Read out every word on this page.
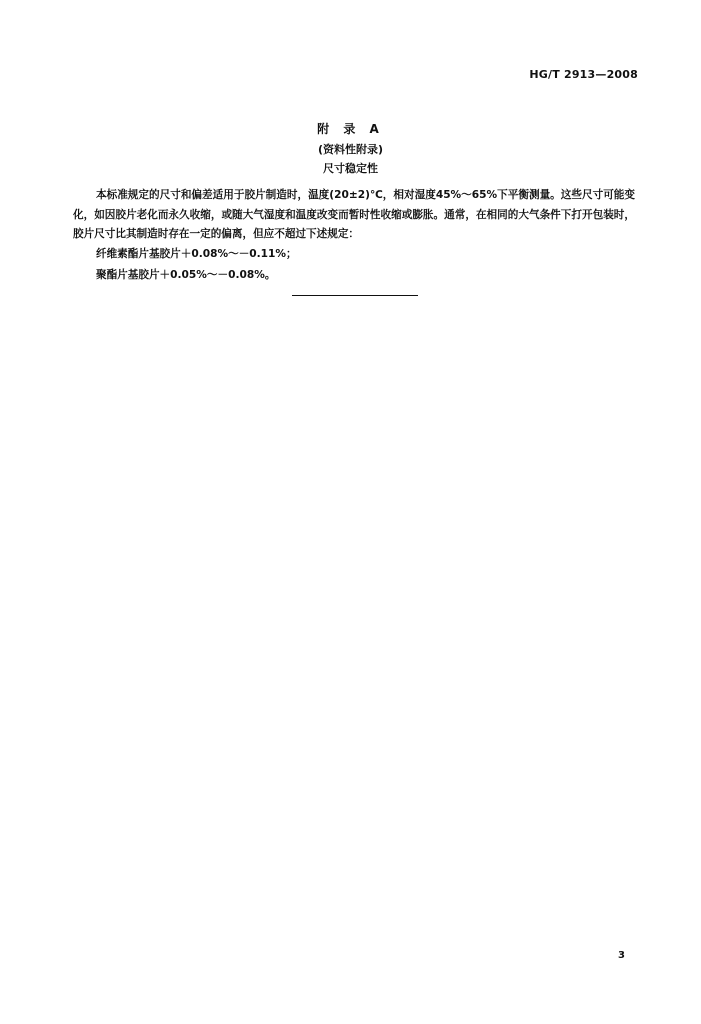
HG/T 2913—2008
附 录 A
(资料性附录)
尺寸稳定性
本标准规定的尺寸和偏差适用于胶片制造时，温度(20±2)℃，相对湿度45%～65%下平衡测量。这些尺寸可能变化，如因胶片老化而永久收缩，或随大气湿度和温度改变而暂时性收缩或膨胀。通常，在相同的大气条件下打开包装时，胶片尺寸比其制造时存在一定的偏离，但应不超过下述规定：
纤维素酯片基胶片＋0.08%～－0.11%；
聚酯片基胶片＋0.05%～－0.08%。
3
